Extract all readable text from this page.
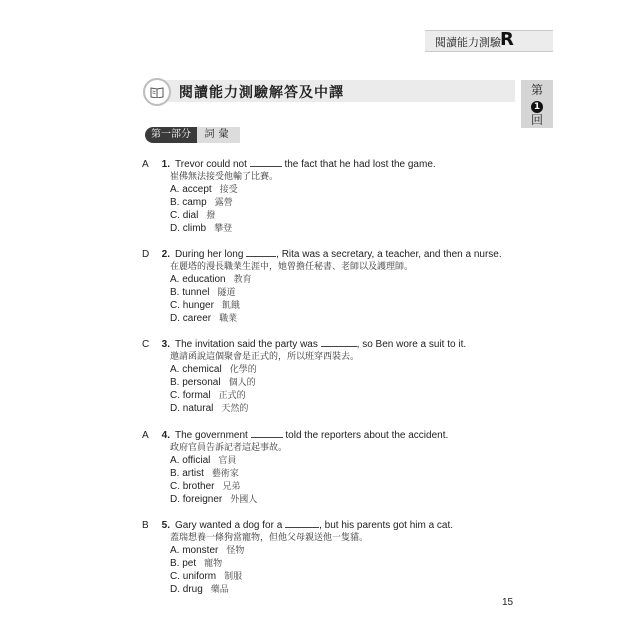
閱讀能力測驗 R
閱讀能力測驗解答及中譯	第
1
回
第一部分	詞彙
A 1. Trevor could not	the fact that he had lost the game.
崔佛無法接受他輸了比賽。
A. accept 接受
B. camp 露營
C. dial 撥
D. climb 攀登
D 2. During her long	, Rita was a secretary, a teacher, and then a nurse.
在麗塔的漫長職業生涯中，她曾擔任秘書、老師以及護理師。
A. education 教育
B. tunnel 隧道
C. hunger 飢餓
D. career 職業
C 3. The invitation said the party was	, so Ben wore a suit to it.
邀請函說這個聚會是正式的，所以班穿西裝去。
A. chemical 化學的
B. personal 個人的
C. formal 正式的
D. natural 天然的
A 4. The government	told the reporters about the accident.
政府官員告訴記者這起事故。
A. official 官員
B. artist 藝術家
C. brother 兄弟
D. foreigner 外國人
B 5. Gary wanted a dog for a	, but his parents got him a cat.
蓋瑞想養一條狗當寵物，但他父母親送他一隻貓。
A. monster 怪物
B. pet 寵物
C. uniform 制服
D. drug 藥品
15
